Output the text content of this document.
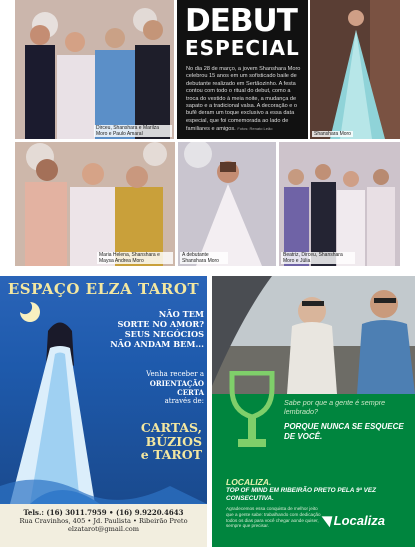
Dirceu, Shanshara e Marilza Moro e Paulo Amaral
DEBUT
ESPECIAL
No dia 28 de março, a jovem Shanshara Moro celebrou 15 anos em um sofisticado baile de debutante realizado em Sertãozinho. A festa contou com todo o ritual do debut, como a troca do vestido à meia noite, a mudança de sapato e a tradicional valsa. A decoração e o bufê deram um toque exclusivo a essa data especial, que foi comemorada ao lado de familiares e amigos. Fotos: Renato Leão
Shanshara Moro
Maria Helena, Shanshara e Maysa Andrea Moro
A debutante Shanshara Moro
Beatriz, Dirceu, Shanshara Moro e Júlia
ESPAÇO ELZA TAROT
NÃO TEM
SORTE NO AMOR?
SEUS NEGÓCIOS
NÃO ANDAM BEM...
Venha receber a
ORIENTAÇÃO
CERTA
através de:
CARTAS,
BÚZIOS
e TAROT
Tels.: (16) 3011.7959 • (16) 9.9220.4643
Rua Cravinhos, 405 • Jd. Paulista • Ribeirão Preto
elzatarot@gmail.com
Sabe por que a gente é sempre lembrado?
PORQUE NUNCA SE ESQUECE DE VOCÊ.
LOCALIZA.
TOP OF MIND EM RIBEIRÃO PRETO PELA 9ª VEZ CONSECUTIVA.
Agradecemos essa conquista de melhor jeito que a gente sabe: trabalhando com dedicação todos os dias para você chegar aonde quiser, sempre que precisar.	◥ Localiza
